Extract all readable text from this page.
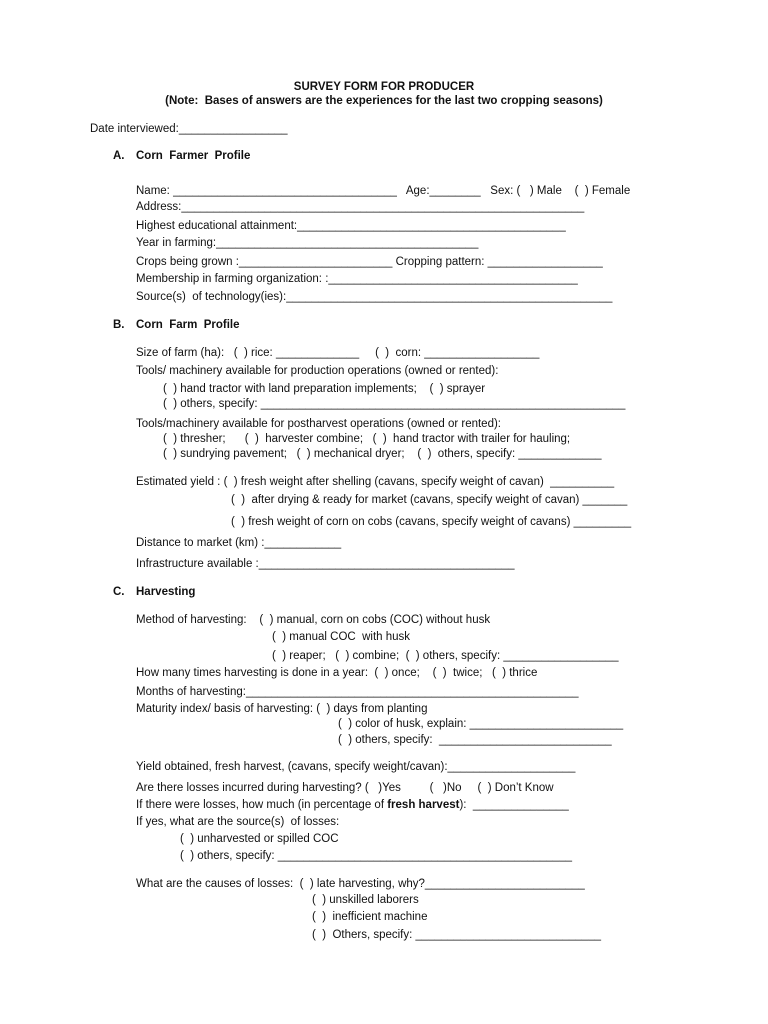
SURVEY FORM FOR PRODUCER
(Note:  Bases of answers are the experiences for the last two cropping seasons)
Date interviewed:_________________
A. Corn  Farmer  Profile
Name: ___________________________________   Age:________   Sex: (   ) Male    (  ) Female
Address:_______________________________________________________________
Highest educational attainment:__________________________________________
Year in farming:_________________________________________
Crops being grown :________________________ Cropping pattern: __________________
Membership in farming organization: :_______________________________________
Source(s)  of technology(ies):___________________________________________________
B. Corn  Farm  Profile
Size of farm (ha):   (  ) rice: _____________     (  )  corn: __________________
Tools/ machinery available for production operations (owned or rented):
(  ) hand tractor with land preparation implements;    (  ) sprayer
(  ) others, specify: _________________________________________________________
Tools/machinery available for postharvest operations (owned or rented):
(  ) thresher;      (  )  harvester combine;   (  )  hand tractor with trailer for hauling;
(  ) sundrying pavement;   (  ) mechanical dryer;    (  )  others, specify: _____________
Estimated yield : (  ) fresh weight after shelling (cavans, specify weight of cavan)  __________
(  )  after drying & ready for market (cavans, specify weight of cavan) _______
(  ) fresh weight of corn on cobs (cavans, specify weight of cavans) _________
Distance to market (km) :____________
Infrastructure available :________________________________________
C. Harvesting
Method of harvesting:    (  ) manual, corn on cobs (COC) without husk
(  ) manual COC  with husk
(  ) reaper;   (  ) combine;  (  ) others, specify: __________________
How many times harvesting is done in a year:  (  ) once;    (  )  twice;   (  ) thrice
Months of harvesting:____________________________________________________
Maturity index/ basis of harvesting: (  ) days from planting
(  ) color of husk, explain: ________________________
(  ) others, specify:  ___________________________
Yield obtained, fresh harvest, (cavans, specify weight/cavan):____________________
Are there losses incurred during harvesting? (   )Yes         (   )No     (  ) Don’t Know
If there were losses, how much (in percentage of fresh harvest):  _______________
If yes, what are the source(s)  of losses:
(  ) unharvested or spilled COC
(  ) others, specify: ______________________________________________
What are the causes of losses:  (  ) late harvesting, why?_________________________
(  ) unskilled laborers
(  )  inefficient machine
(  )  Others, specify: _____________________________
